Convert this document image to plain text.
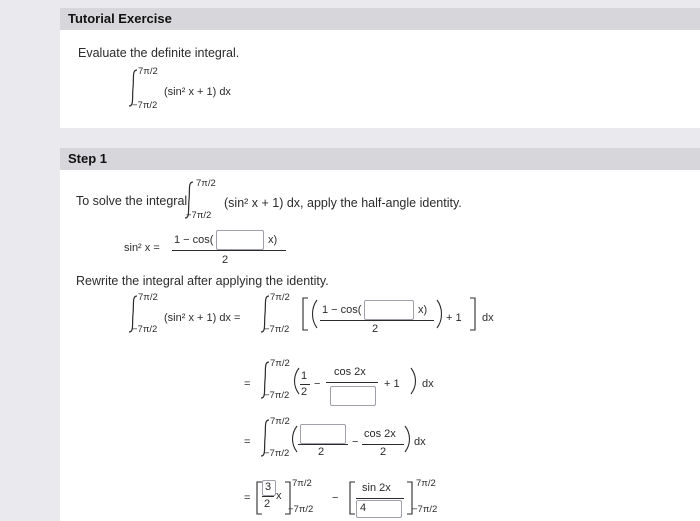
Tutorial Exercise
Evaluate the definite integral.
7π/2
−7π/2
(sin² x + 1) dx
Step 1
To solve the integral
7π/2
−7π/2
(sin² x + 1) dx, apply the half-angle identity.
sin² x =
1 − cos(	x)
2
Rewrite the integral after applying the identity.
7π/2
−7π/2
(sin² x + 1) dx =
7π/2
−7π/2
1 − cos(	x)
2
+ 1 dx
=
7π/2
−7π/2
1
2
−
cos 2x
+ 1 dx
=
7π/2
−7π/2	2
−
cos 2x
2
dx
=
3
2
x
7π/2
−7π/2
−
sin 2x
4
7π/2
−7π/2
